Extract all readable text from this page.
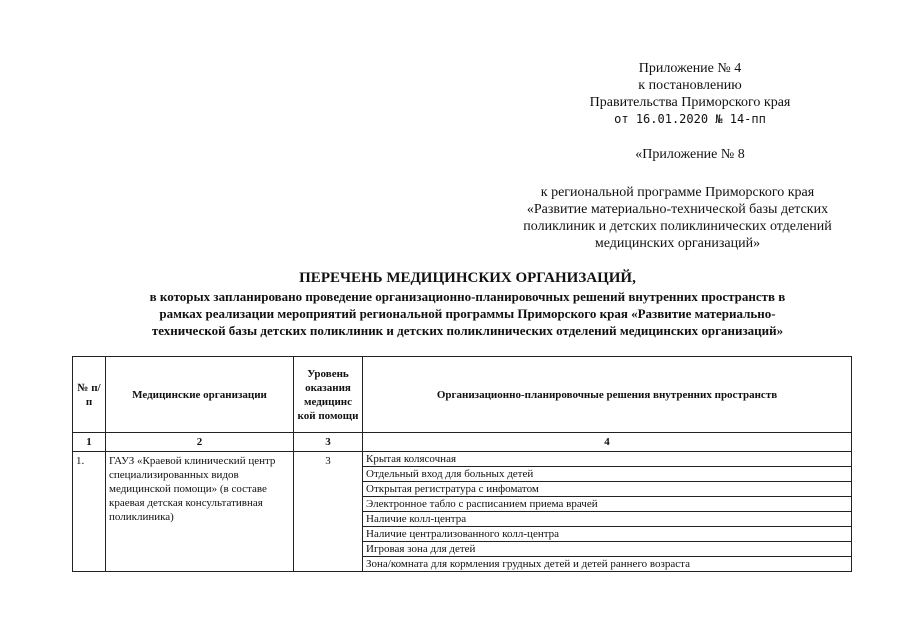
Приложение № 4
к постановлению
Правительства Приморского края
от 16.01.2020 № 14-пп
«Приложение № 8
к региональной программе Приморского края
«Развитие материально-технической базы детских
поликлиник и детских поликлинических отделений
медицинских организаций»
ПЕРЕЧЕНЬ МЕДИЦИНСКИХ ОРГАНИЗАЦИЙ,
в которых запланировано проведение организационно-планировочных решений внутренних пространств в
рамках реализации мероприятий региональной программы Приморского края «Развитие материально-
технической базы детских поликлиник и детских поликлинических отделений медицинских организаций»
№ п/п	Медицинские организации	Уровень оказания медицинс кой помощи	Организационно-планировочные решения внутренних пространств
1	2	3	4
1.	ГАУЗ «Краевой клинический центр специализированных видов медицинской помощи» (в составе краевая детская консультативная поликлиника)	3	Крытая колясочная
			Отдельный вход для больных детей
			Открытая регистратура с инфоматом
			Электронное табло с расписанием приема врачей
			Наличие колл-центра
			Наличие централизованного колл-центра
			Игровая зона для детей
			Зона/комната для кормления грудных детей и детей раннего возраста
